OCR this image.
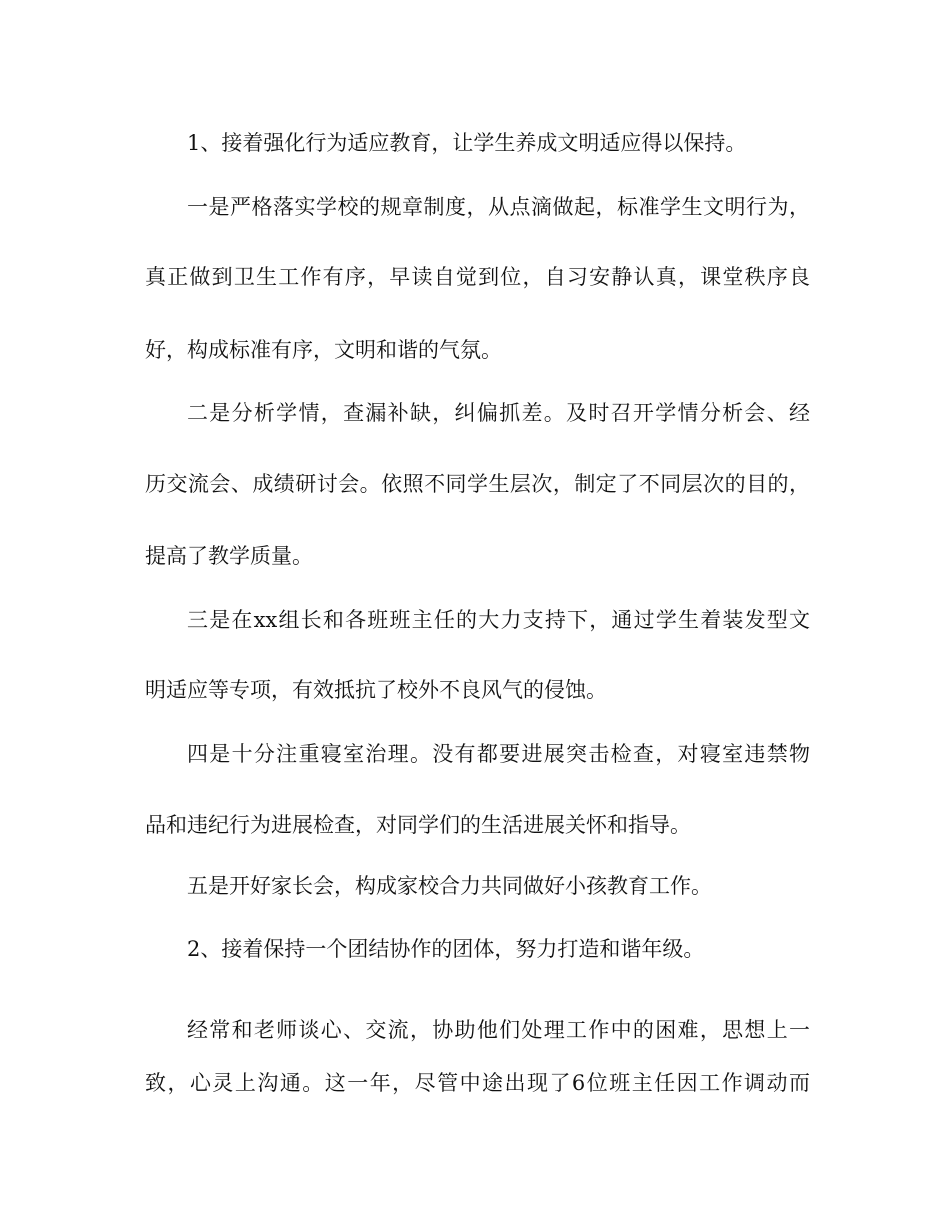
1、接着强化行为适应教育，让学生养成文明适应得以保持。
一是严格落实学校的规章制度，从点滴做起，标准学生文明行为，
真正做到卫生工作有序，早读自觉到位，自习安静认真，课堂秩序良
好，构成标准有序，文明和谐的气氛。
二是分析学情，查漏补缺，纠偏抓差。及时召开学情分析会、经
历交流会、成绩研讨会。依照不同学生层次，制定了不同层次的目的，
提高了教学质量。
三是在xx组长和各班班主任的大力支持下，通过学生着装发型文
明适应等专项，有效抵抗了校外不良风气的侵蚀。
四是十分注重寝室治理。没有都要进展突击检查，对寝室违禁物
品和违纪行为进展检查，对同学们的生活进展关怀和指导。
五是开好家长会，构成家校合力共同做好小孩教育工作。
2、接着保持一个团结协作的团体，努力打造和谐年级。
经常和老师谈心、交流，协助他们处理工作中的困难，思想上一
致，心灵上沟通。这一年，尽管中途出现了6位班主任因工作调动而
